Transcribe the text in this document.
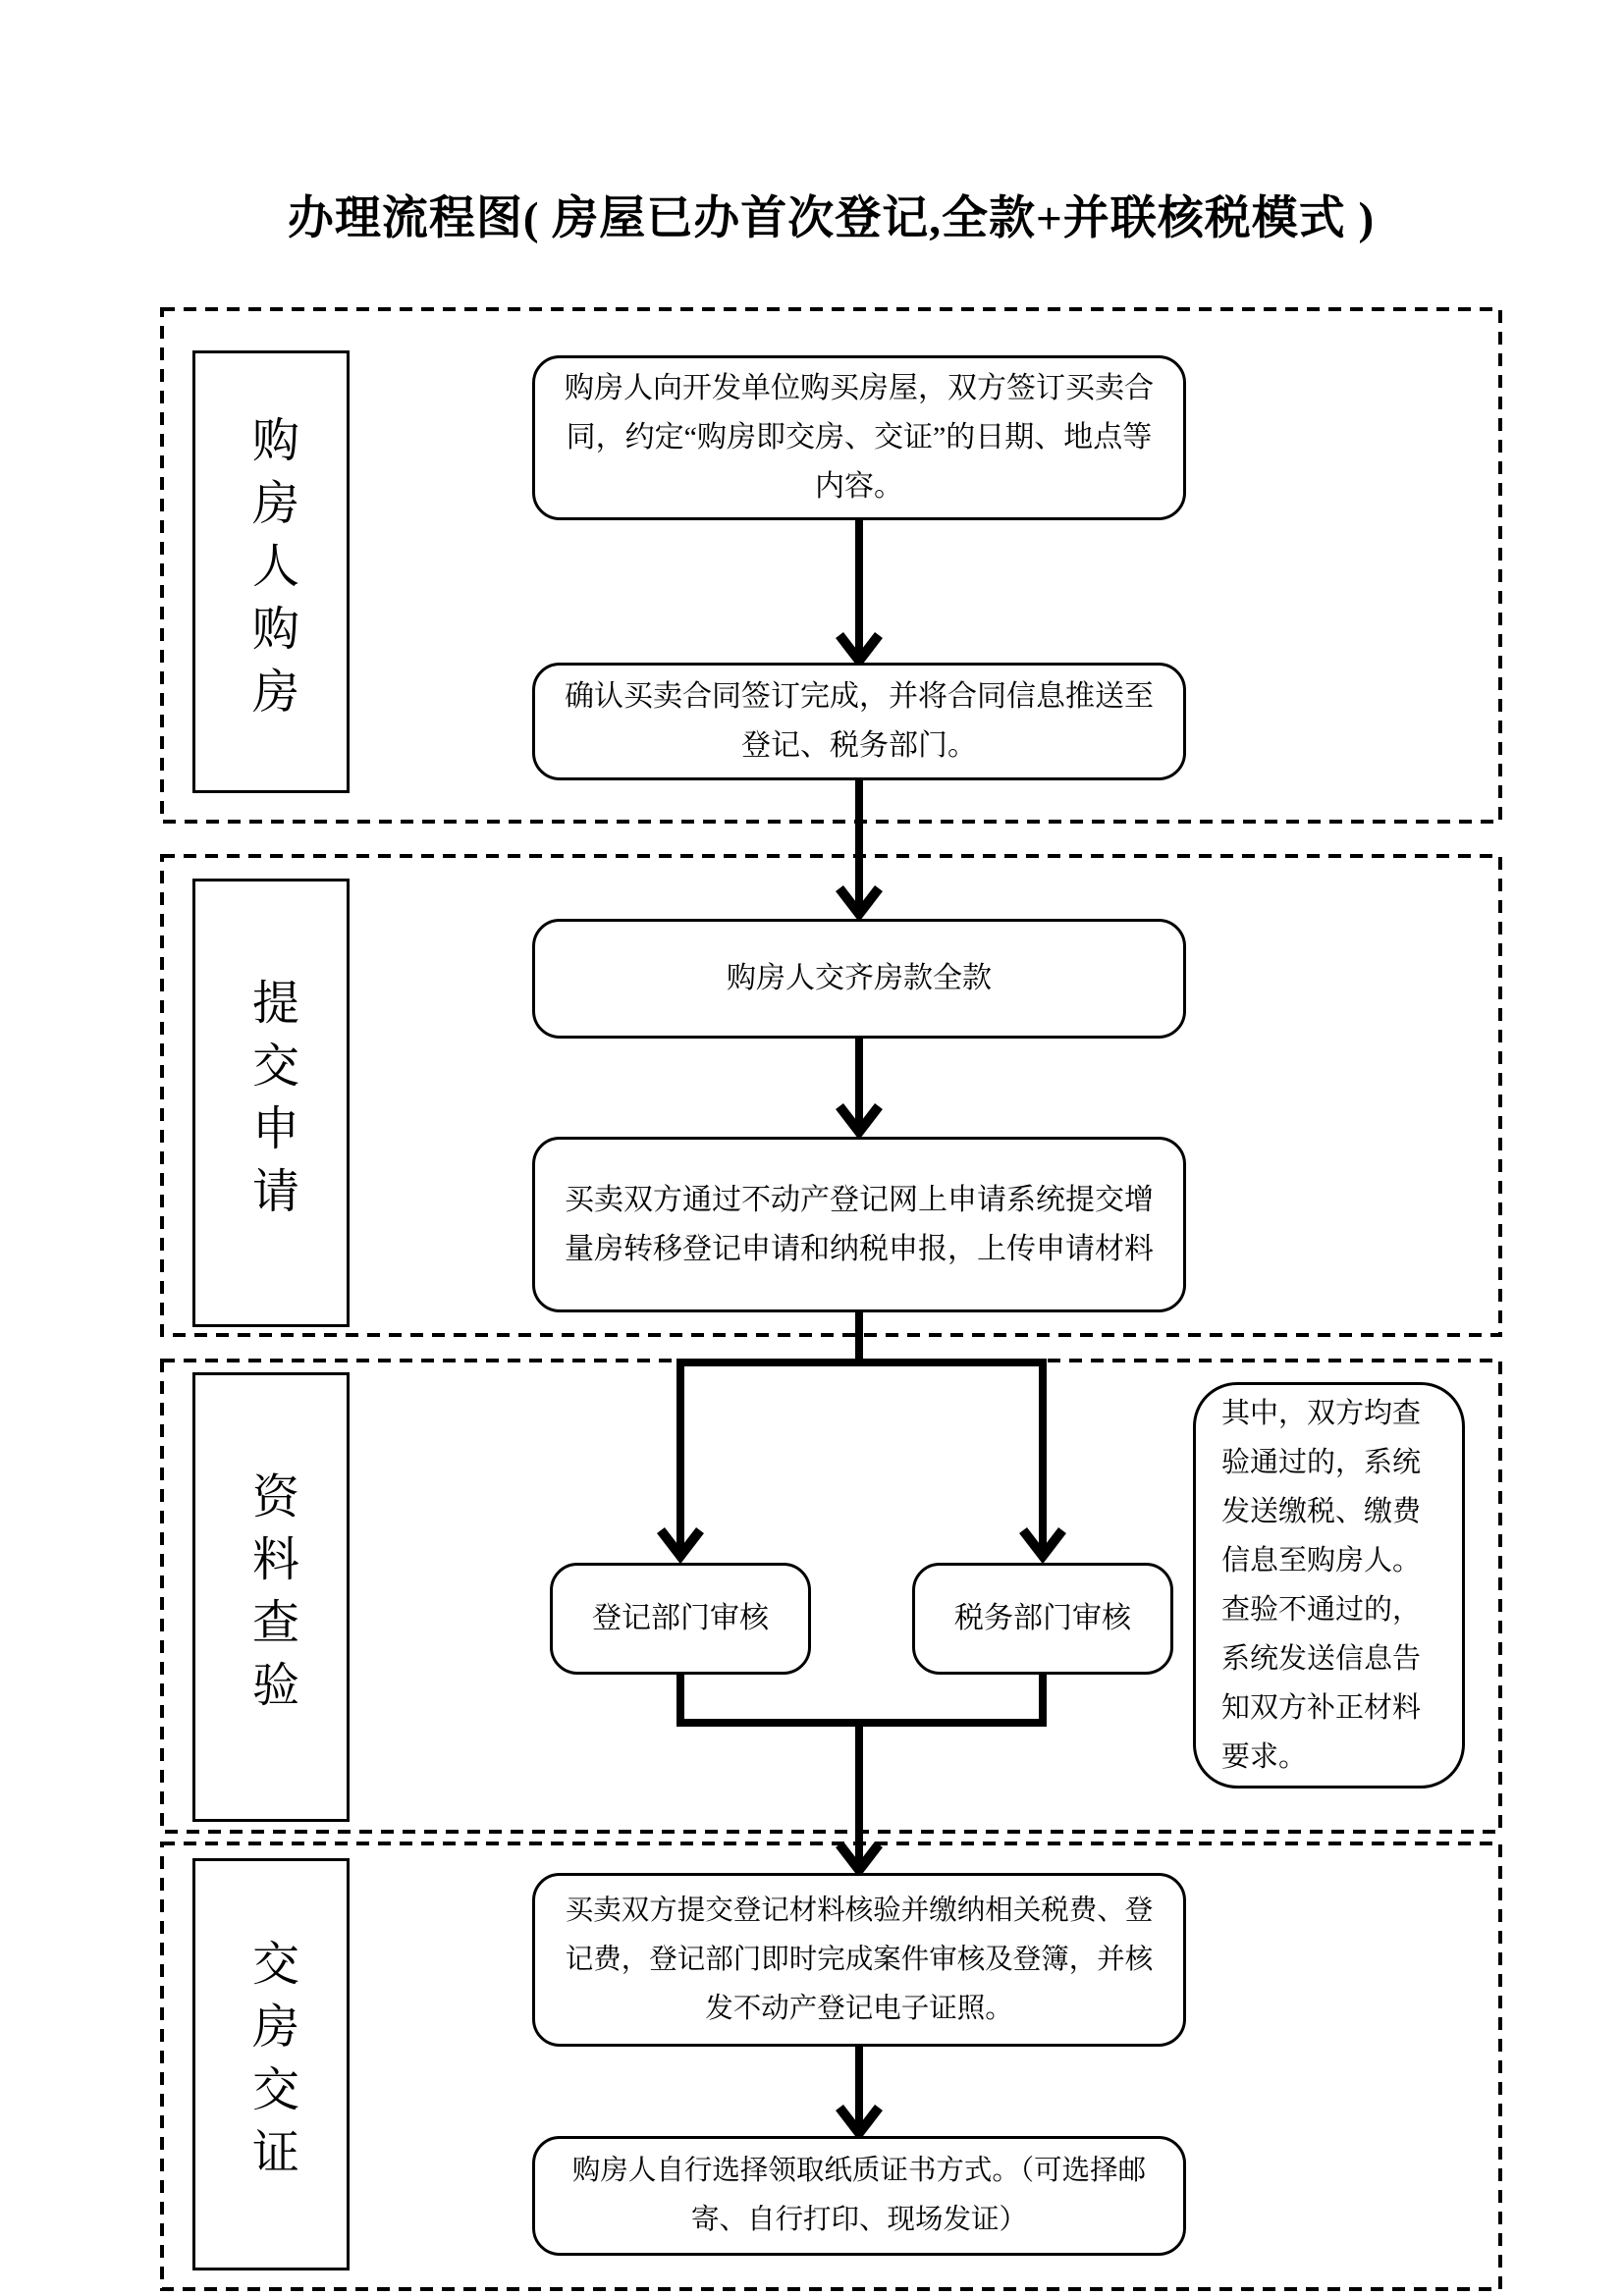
办理流程图( 房屋已办首次登记,全款+并联核税模式 )
购房人购房
提交申请
资料查验
交房交证
购房人向开发单位购买房屋，双方签订买卖合同，约定“购房即交房、交证”的日期、地点等内容。
确认买卖合同签订完成，并将合同信息推送至登记、税务部门。
购房人交齐房款全款
买卖双方通过不动产登记网上申请系统提交增量房转移登记申请和纳税申报，上传申请材料
登记部门审核	税务部门审核
其中，双方均查验通过的，系统发送缴税、缴费信息至购房人。查验不通过的，系统发送信息告知双方补正材料要求。
买卖双方提交登记材料核验并缴纳相关税费、登记费，登记部门即时完成案件审核及登簿，并核发不动产登记电子证照。
购房人自行选择领取纸质证书方式。（可选择邮寄、自行打印、现场发证）
